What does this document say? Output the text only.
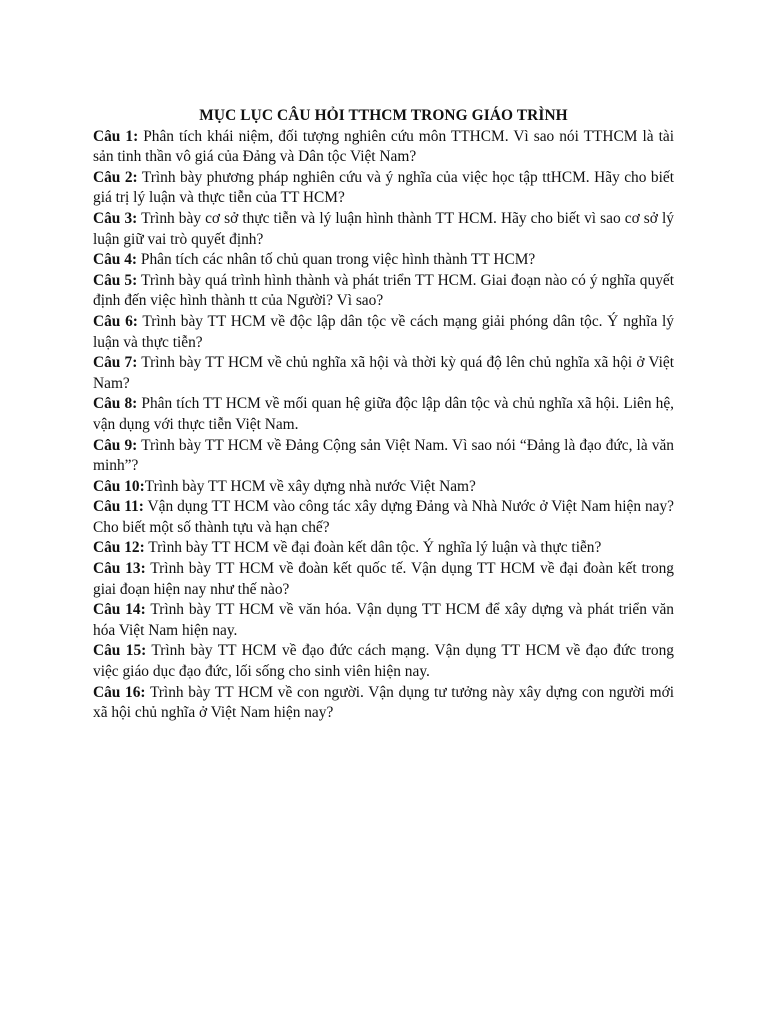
MỤC LỤC CÂU HỎI TTHCM TRONG GIÁO TRÌNH

Câu 1: Phân tích khái niệm, đối tượng nghiên cứu môn TTHCM. Vì sao nói TTHCM là tài sản tinh thần vô giá của Đảng và Dân tộc Việt Nam?

Câu 2: Trình bày phương pháp nghiên cứu và ý nghĩa của việc học tập ttHCM. Hãy cho biết giá trị lý luận và thực tiễn của TT HCM?

Câu 3: Trình bày cơ sở thực tiễn và lý luận hình thành TT HCM. Hãy cho biết vì sao cơ sở lý luận giữ vai trò quyết định?

Câu 4: Phân tích các nhân tố chủ quan trong việc hình thành TT HCM?

Câu 5: Trình bày quá trình hình thành và phát triển TT HCM. Giai đoạn nào có ý nghĩa quyết định đến việc hình thành tt của Người? Vì sao?

Câu 6: Trình bày TT HCM về độc lập dân tộc về cách mạng giải phóng dân tộc. Ý nghĩa lý luận và thực tiễn?

Câu 7: Trình bày TT HCM về chủ nghĩa xã hội và thời kỳ quá độ lên chủ nghĩa xã hội ở Việt Nam?

Câu 8: Phân tích TT HCM về mối quan hệ giữa độc lập dân tộc và chủ nghĩa xã hội. Liên hệ, vận dụng với thực tiễn Việt Nam.

Câu 9: Trình bày TT HCM về Đảng Cộng sản Việt Nam. Vì sao nói “Đảng là đạo đức, là văn minh”?

Câu 10:Trình bày TT HCM về xây dựng nhà nước Việt Nam?

Câu 11: Vận dụng TT HCM vào công tác xây dựng Đảng và Nhà Nước ở Việt Nam hiện nay? Cho biết một số thành tựu và hạn chế?

Câu 12: Trình bày TT HCM về đại đoàn kết dân tộc. Ý nghĩa lý luận và thực tiễn?

Câu 13: Trình bày TT HCM về đoàn kết quốc tế. Vận dụng TT HCM về đại đoàn kết trong giai đoạn hiện nay như thế nào?

Câu 14: Trình bày TT HCM về văn hóa. Vận dụng TT HCM để xây dựng và phát triển văn hóa Việt Nam hiện nay.

Câu 15: Trình bày TT HCM về đạo đức cách mạng. Vận dụng TT HCM về đạo đức trong việc giáo dục đạo đức, lối sống cho sinh viên hiện nay.

Câu 16: Trình bày TT HCM về con người. Vận dụng tư tưởng này xây dựng con người mới xã hội chủ nghĩa ở Việt Nam hiện nay?
